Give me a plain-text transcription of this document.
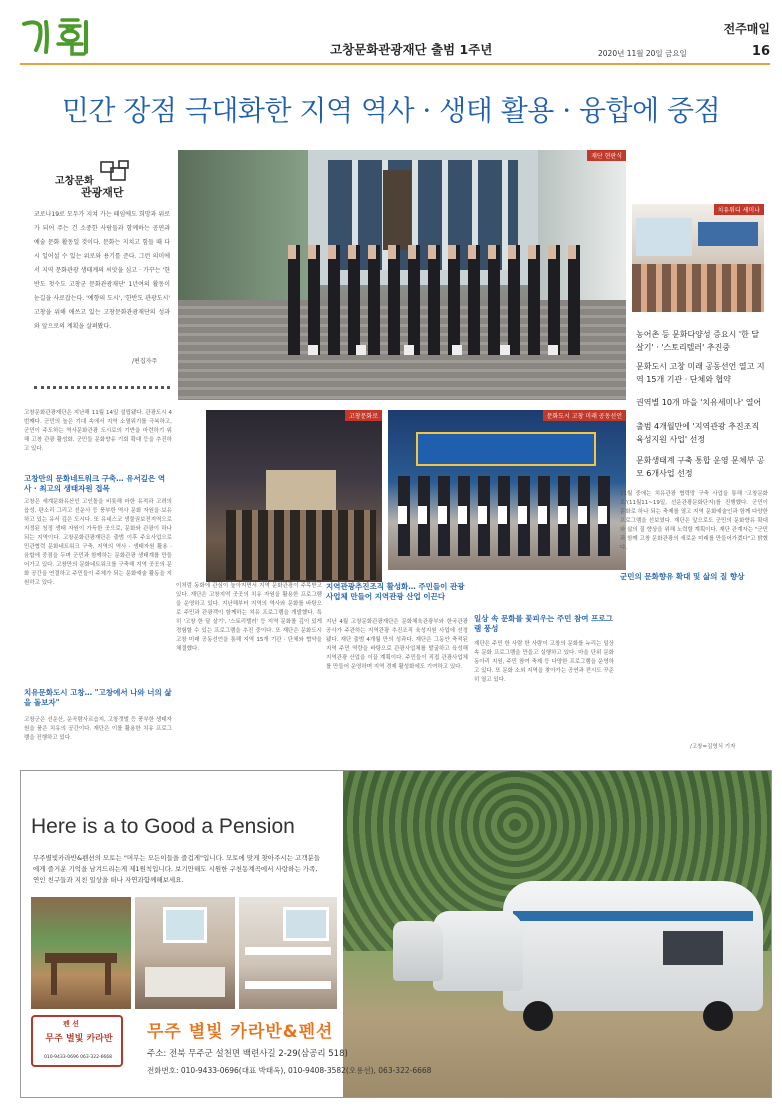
고창문화관광재단 출범 1주년
전주매일
2020년 11월 20일 금요일	16
민간 장점 극대화한 지역 역사 · 생태 활용 · 융합에 중점
고창문화
관광재단
코로나19로 모두가 지쳐 가는 때임에도 희망과 위로가 되어 주는 건 소중한 사람들과 함께하는 공연과 예술 문화 활동일 것이다. 문화는 지치고 힘들 때 다시 일어설 수 있는 위로와 용기를 준다. 그런 의미에서 지역 문화관광 생태계의 씨앗을 심고 · 가꾸는 '한반도 첫수도 고창군 문화관광재단' 1년여의 활동이 눈길을 사로잡는다. '예향의 도시', '한반도 관광도시' 고창을 위해 애쓰고 있는 고창문화관광재단의 성과와 앞으로의 계획을 살펴봤다.
/편집자주
재단 현판식
치유워디 세미나
농어촌 등 문화다양성 증요시 '한 달 살기' · '스토리텔러' 추진중
문화도시 고창 미래 공동선언 열고 지역 15개 기관 · 단체와 협약
권역별 10개 마을 '치유세미나' 열어
출범 4개월만에 '지역관광 추진조직 육성지원 사업' 선정
문화생태계 구축 통합 운영 문체부 공모 6개사업 선정
고창문화로	문화도시 고창 미래 공동선언
고창문화관광재단은 지난해 11월 14일 설립됐다. 관광도시 4번째다. 군민의 높은 기대 속에서 지역 소멸위기를 극복하고, 군민이 주도하는 역사문화관광 도시로의 기반을 마련하기 위해 고창 관광 활성화, 군민들 문화향유 기회 확대 등을 추진하고 있다.
고창만의 문화네트워크 구축… 유서깊은 역사 · 최고의 생태자원 접목
고창은 세계문화유산인 고인돌을 비롯해 마한 유적과 고려의 읍성, 판소리 그리고 선운사 등 풍부한 역사 문화 자원을 보유하고 있는 유서 깊은 도시다. 또 유네스코 생물권보전지역으로 지정된 청정 생태 자원이 가득한 곳으로, 문화와 관광이 하나 되는 지역이다. 고창문화관광재단은 출범 이후 주요사업으로 민관협력 문화네트워크 구축, 지역의 역사 · 생태자원 활용 · 융합에 중점을 두며 군민과 함께하는 문화관광 생태계를 만들어가고 있다. 고창만의 문화네트워크를 구축해 지역 곳곳의 문화 공간을 연결하고 주민들이 주체가 되는 문화예술 활동을 지원하고 있다.
치유문화도시 고창… "고창에서 나와 너의 삶을 돌보자"
고창군은 선운산, 운곡람사르습지, 고창갯벌 등 풍부한 생태자원을 품은 치유의 공간이다. 재단은 이를 활용한 치유 프로그램을 진행하고 있다.
이처럼 동화에 관심이 높아지면서 지역 문화관광이 주목받고 있다. 재단은 고창지역 곳곳의 치유 자원을 활용한 프로그램을 운영하고 있다. 지난해부터 지역의 역사와 문화를 바탕으로 주민과 관광객이 함께하는 치유 프로그램을 개발했다. 특히 '고창 한 달 살기', '스토리텔러' 등 지역 문화를 깊이 있게 경험할 수 있는 프로그램을 추진 중이다. 또 재단은 문화도시 고창 미래 공동선언을 통해 지역 15개 기관 · 단체와 협약을 체결했다.
지역관광추진조직 활성화… 주민들이 관광사업체 만들어 지역관광 산업 이끈다
지난 4월 고창문화관광재단은 문화체육관광부와 한국관광공사가 주관하는 지역관광 추진조직 육성지원 사업에 선정됐다. 재단 출범 4개월 만의 성과다. 재단은 그동안 축적된 지역 주민 역량을 바탕으로 관광사업체를 발굴하고 육성해 지역관광 산업을 이끌 계획이다. 주민들이 직접 관광사업체를 만들어 운영하며 지역 경제 활성화에도 기여하고 있다.
일상 속 문화를 꽃피우는 주민 참여 프로그램 풍성
재단은 주민 한 사람 한 사람이 고창의 문화를 누리는 일상 속 문화 프로그램을 만들고 실행하고 있다. 마을 단위 문화 동아리 지원, 주민 참여 축제 등 다양한 프로그램을 운영하고 있다. 또 문화 소외 지역을 찾아가는 공연과 전시도 꾸준히 열고 있다.
11월 중에는 치유관광 협력망 구축 사업을 통해 '고창문화로'(11월11~19일, 선운관광문화단지)를 진행했다. 군민이 문화로 하나 되는 축제를 열고 지역 문화예술인과 함께 다양한 프로그램을 선보였다. 재단은 앞으로도 군민의 문화향유 확대와 삶의 질 향상을 위해 노력할 계획이다. 재단 관계자는 "군민과 함께 고창 문화관광의 새로운 미래를 만들어가겠다"고 밝혔다.
군민의 문화향유 확대 및 삶의 질 향상
/고창=김영식 기자
Here is a to Good a Pension
무주별빛카라반&펜션의 모토는 "머무는 모든이들을 즐겁게"입니다. 모토에 맞게 찾아주시는 고객분들에게 즐거운 기억을 남겨드리는게 제1원칙입니다. 보기만해도 시원한 구천동계곡에서 사랑하는 가족, 연인 친구들과 지친 일상을 떠나 자연과함께해보세요.
펜 션
무주 별빛 카라반
010-9433-0696 063-322-6668
무주 별빛 카라반&펜션
주소: 전북 무주군 설천면 백련사길 2-29(삼공리 518)
전화번호: 010-9433-0696(대표 박태옥), 010-9408-3582(오용선), 063-322-6668
